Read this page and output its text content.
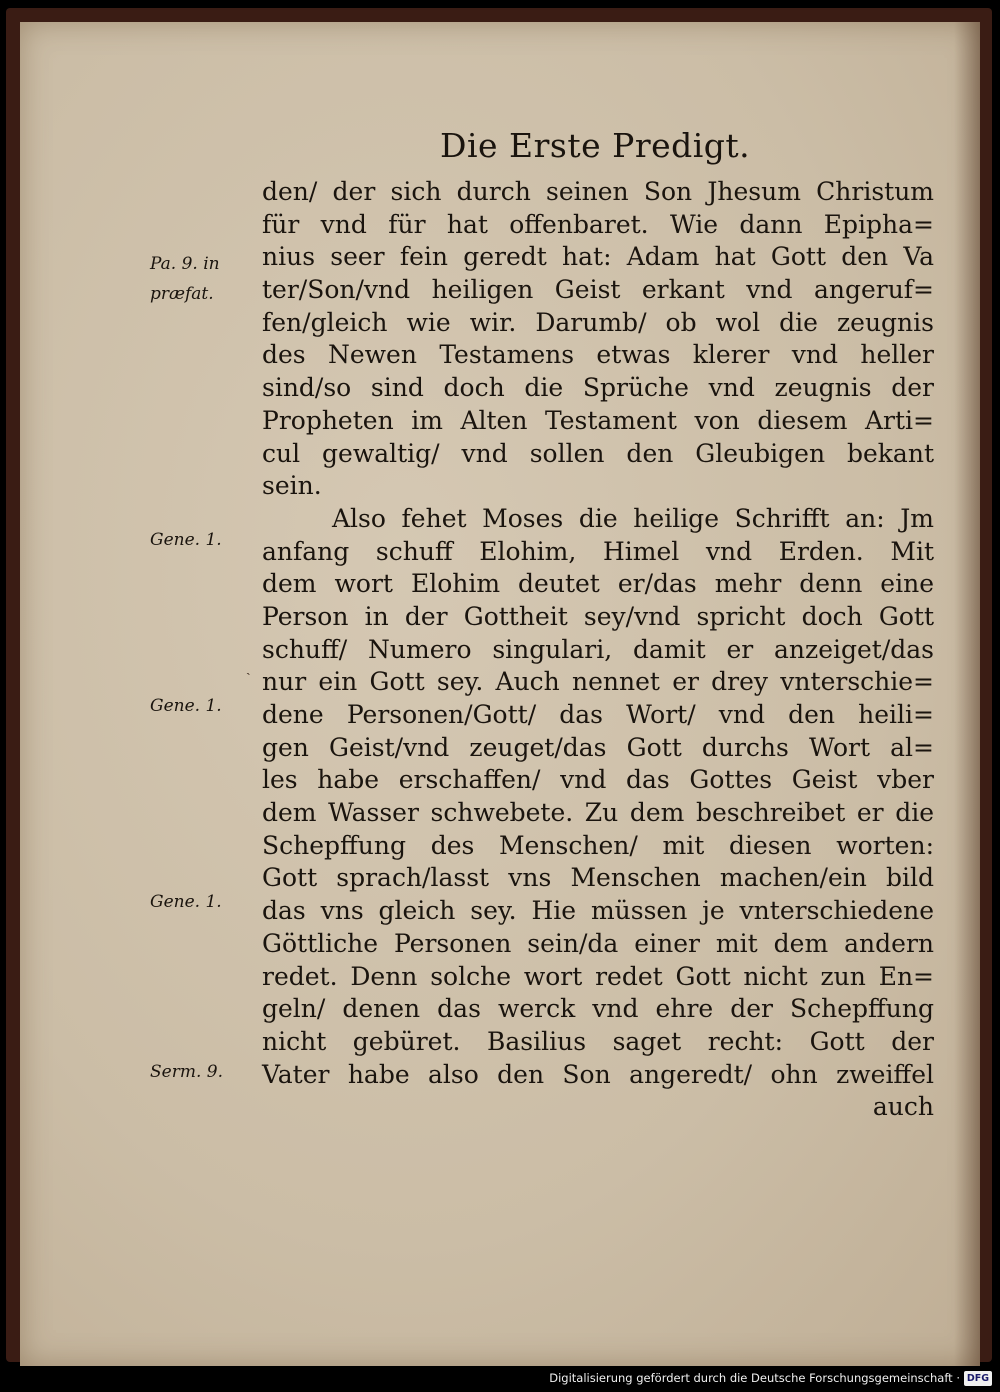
Die Erste Predigt.
Pa. 9. in
præfat.
Gene. 1.
Gene. 1.
Gene. 1.
Serm. 9.
ˎ
den/ der sich durch seinen Son Jhesum Christum
für vnd für hat offenbaret. Wie dann Epipha=
nius seer fein geredt hat: Adam hat Gott den Va
ter/Son/vnd heiligen Geist erkant vnd angeruf=
fen/gleich wie wir. Darumb/ ob wol die zeugnis
des Newen Testamens etwas klerer vnd heller
sind/so sind doch die Sprüche vnd zeugnis der
Propheten im Alten Testament von diesem Arti=
cul gewaltig/ vnd sollen den Gleubigen bekant
sein.
Also fehet Moses die heilige Schrifft an: Jm
anfang schuff Elohim, Himel vnd Erden. Mit
dem wort Elohim deutet er/das mehr denn eine
Person in der Gottheit sey/vnd spricht doch Gott
schuff/ Numero singulari, damit er anzeiget/das
nur ein Gott sey. Auch nennet er drey vnterschie=
dene Personen/Gott/ das Wort/ vnd den heili=
gen Geist/vnd zeuget/das Gott durchs Wort al=
les habe erschaffen/ vnd das Gottes Geist vber
dem Wasser schwebete. Zu dem beschreibet er die
Schepffung des Menschen/ mit diesen worten:
Gott sprach/lasst vns Menschen machen/ein bild
das vns gleich sey. Hie müssen je vnterschiedene
Göttliche Personen sein/da einer mit dem andern
redet. Denn solche wort redet Gott nicht zun En=
geln/ denen das werck vnd ehre der Schepffung
nicht gebüret. Basilius saget recht: Gott der
Vater habe also den Son angeredt/ ohn zweiffel
auch
Digitalisierung gefördert durch die Deutsche Forschungsgemeinschaft · DFG
